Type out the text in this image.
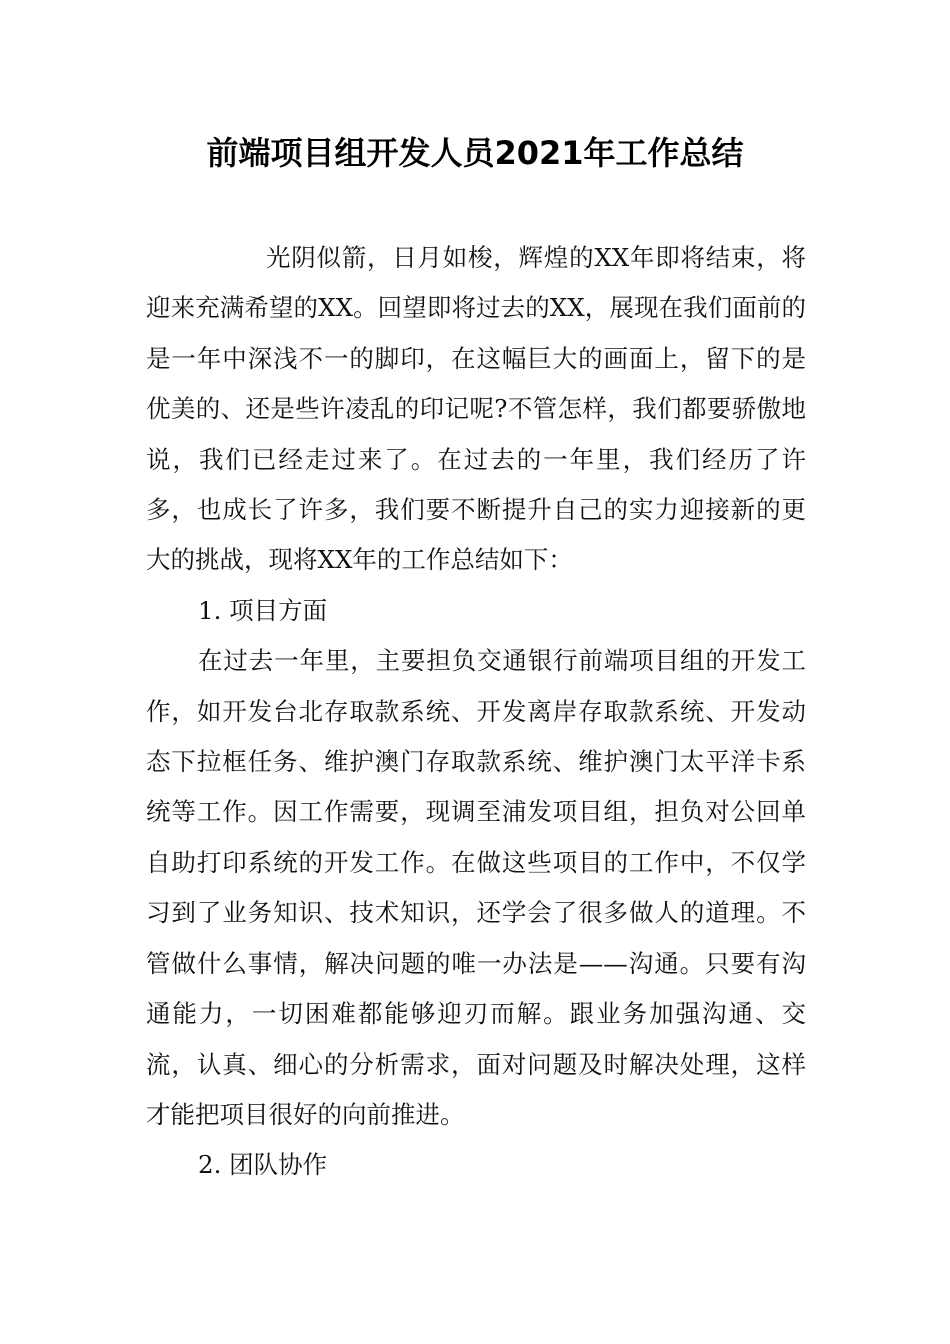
前端项目组开发人员2021年工作总结

光阴似箭，日月如梭，辉煌的XX年即将结束，将迎来充满希望的XX。回望即将过去的XX，展现在我们面前的是一年中深浅不一的脚印，在这幅巨大的画面上，留下的是优美的、还是些许凌乱的印记呢?不管怎样，我们都要骄傲地说，我们已经走过来了。在过去的一年里，我们经历了许多，也成长了许多，我们要不断提升自己的实力迎接新的更大的挑战，现将XX年的工作总结如下：

1. 项目方面

在过去一年里，主要担负交通银行前端项目组的开发工作，如开发台北存取款系统、开发离岸存取款系统、开发动态下拉框任务、维护澳门存取款系统、维护澳门太平洋卡系统等工作。因工作需要，现调至浦发项目组，担负对公回单自助打印系统的开发工作。在做这些项目的工作中，不仅学习到了业务知识、技术知识，还学会了很多做人的道理。不管做什么事情，解决问题的唯一办法是——沟通。只要有沟通能力，一切困难都能够迎刃而解。跟业务加强沟通、交流，认真、细心的分析需求，面对问题及时解决处理，这样才能把项目很好的向前推进。

2. 团队协作
